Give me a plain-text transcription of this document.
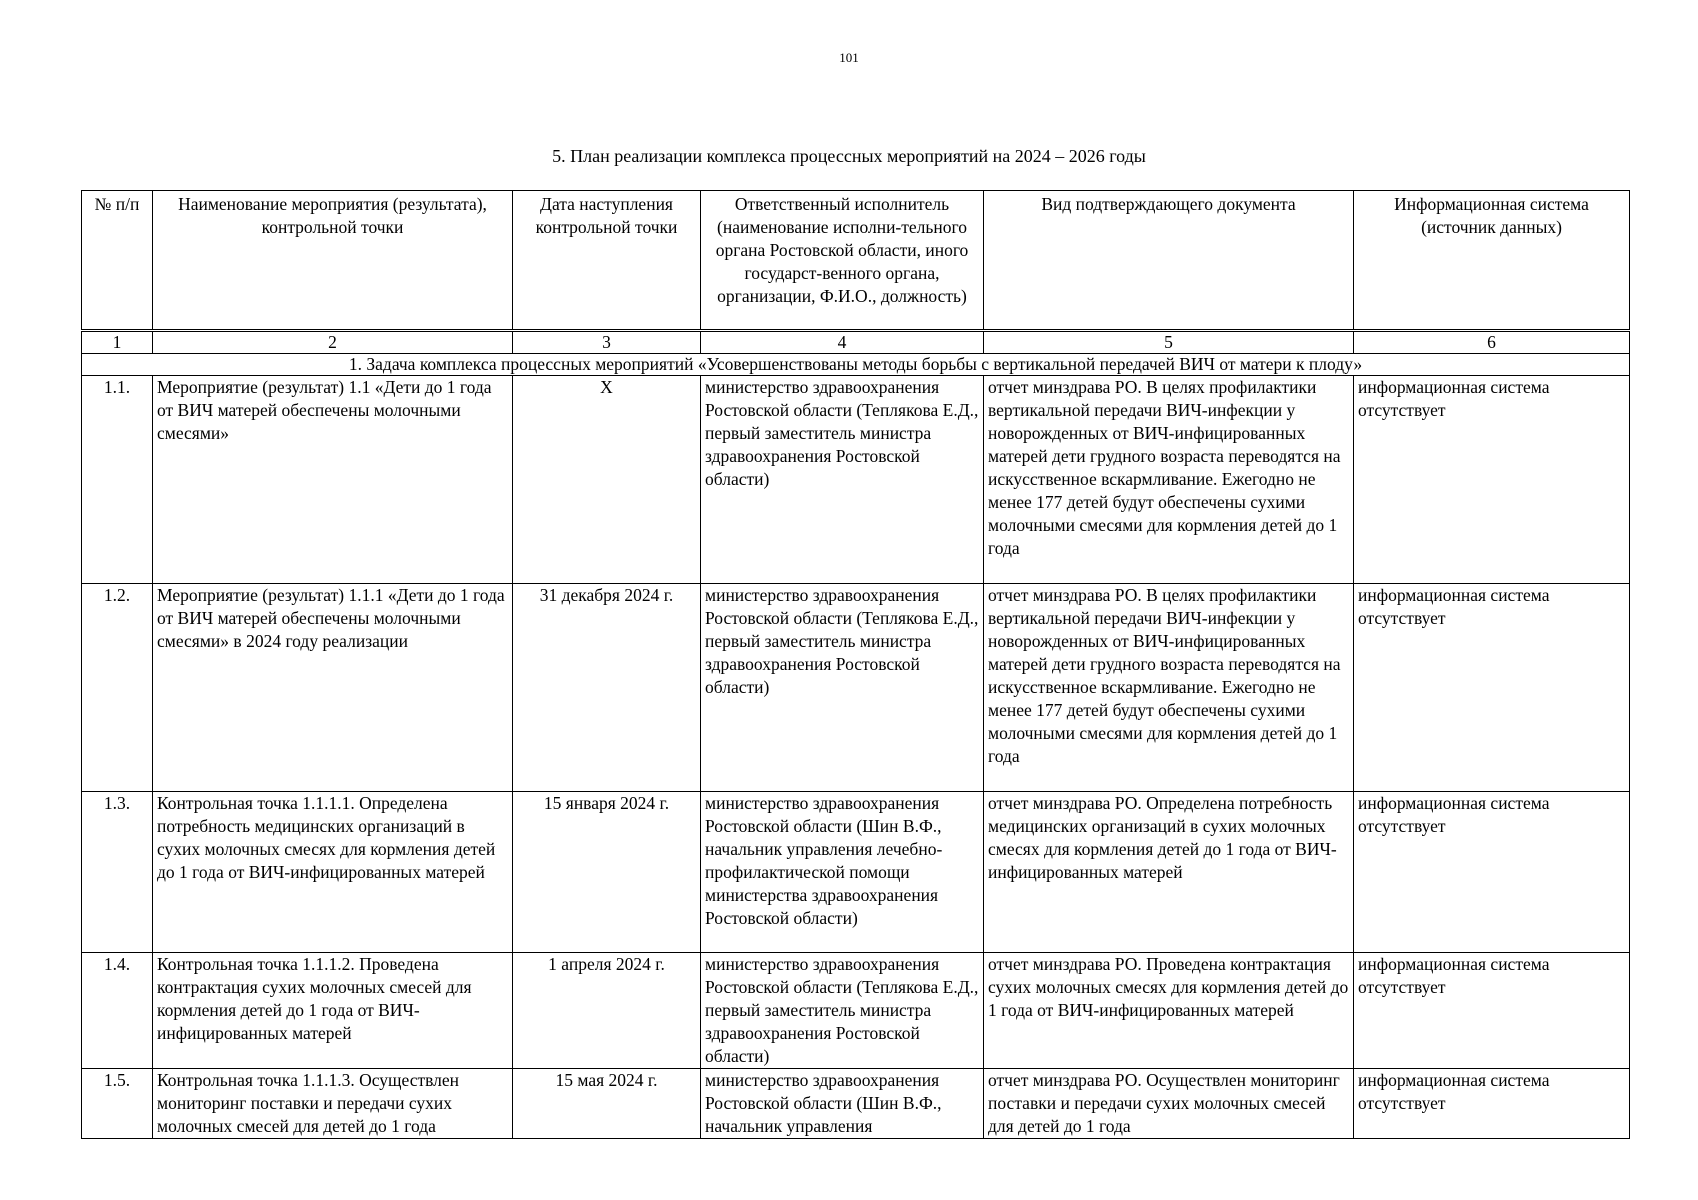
101
5. План реализации комплекса процессных мероприятий на 2024 – 2026 годы
№ п/п	Наименование мероприятия (результата), контрольной точки	Дата наступления контрольной точки	Ответственный исполнитель (наименование исполни-тельного органа Ростовской области, иного государст-венного органа, организации, Ф.И.О., должность)	Вид подтверждающего документа	Информационная система (источник данных)
1	2	3	4	5	6
1. Задача комплекса процессных мероприятий «Усовершенствованы методы борьбы с вертикальной передачей ВИЧ от матери к плоду»					
1.1.	Мероприятие (результат) 1.1 «Дети до 1 года от ВИЧ матерей обеспечены молочными смесями»	Х	министерство здравоохранения Ростовской области (Теплякова Е.Д., первый заместитель министра здравоохранения Ростовской области)	отчет минздрава РО. В целях профилактики вертикальной передачи ВИЧ-инфекции у новорожденных от ВИЧ-инфицированных матерей дети грудного возраста переводятся на искусственное вскармливание. Ежегодно не менее 177 детей будут обеспечены сухими молочными смесями для кормления детей до 1 года	информационная система отсутствует
1.2.	Мероприятие (результат) 1.1.1 «Дети до 1 года от ВИЧ матерей обеспечены молочными смесями» в 2024 году реализации	31 декабря 2024 г.	министерство здравоохранения Ростовской области (Теплякова Е.Д., первый заместитель министра здравоохранения Ростовской области)	отчет минздрава РО. В целях профилактики вертикальной передачи ВИЧ-инфекции у новорожденных от ВИЧ-инфицированных матерей дети грудного возраста переводятся на искусственное вскармливание. Ежегодно не менее 177 детей будут обеспечены сухими молочными смесями для кормления детей до 1 года	информационная система отсутствует
1.3.	Контрольная точка 1.1.1.1. Определена потребность медицинских организаций в сухих молочных смесях для кормления детей до 1 года от ВИЧ-инфицированных матерей	15 января 2024 г.	министерство здравоохранения Ростовской области (Шин В.Ф., начальник управления лечебно-профилактической помощи министерства здравоохранения Ростовской области)	отчет минздрава РО. Определена потребность медицинских организаций в сухих молочных смесях для кормления детей до 1 года от ВИЧ-инфицированных матерей	информационная система отсутствует
1.4.	Контрольная точка 1.1.1.2. Проведена контрактация сухих молочных смесей для кормления детей до 1 года от ВИЧ-инфицированных матерей	1 апреля 2024 г.	министерство здравоохранения Ростовской области (Теплякова Е.Д., первый заместитель министра здравоохранения Ростовской области)	отчет минздрава РО. Проведена контрактация сухих молочных смесях для кормления детей до 1 года от ВИЧ-инфицированных матерей	информационная система отсутствует
1.5.	Контрольная точка 1.1.1.3. Осуществлен мониторинг поставки и передачи сухих молочных смесей для детей до 1 года	15 мая 2024 г.	министерство здравоохранения Ростовской области (Шин В.Ф., начальник управления	отчет минздрава РО. Осуществлен мониторинг поставки и передачи сухих молочных смесей для детей до 1 года	информационная система отсутствует
